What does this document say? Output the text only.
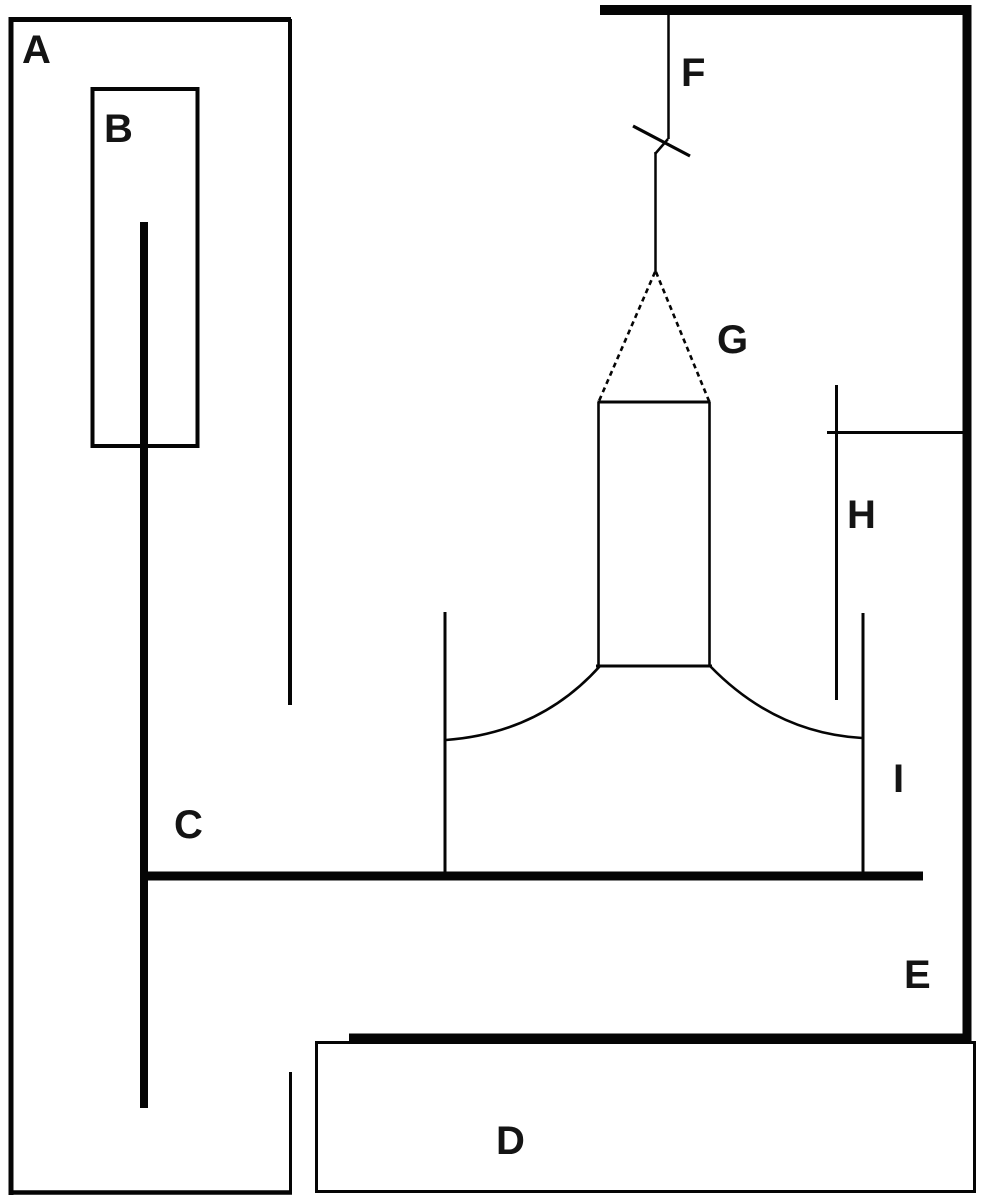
A
B
C
D
E
F
G
H
I
